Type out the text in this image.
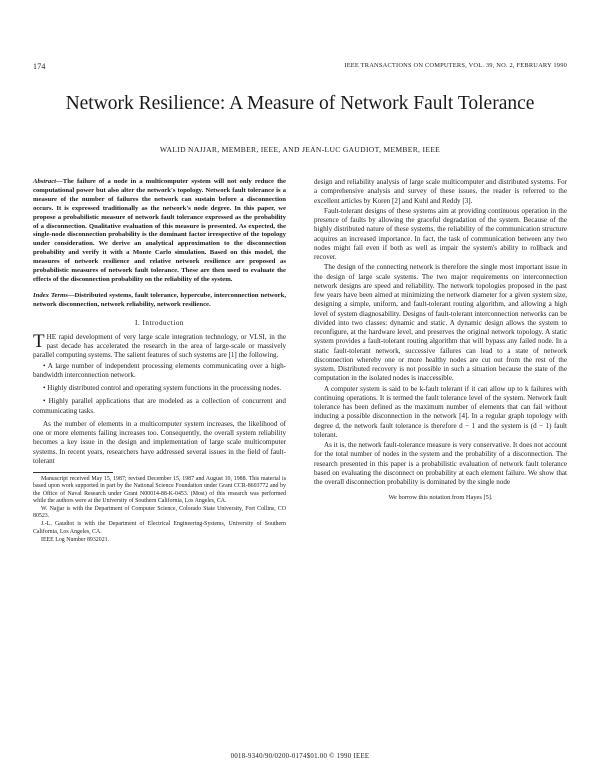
174	IEEE TRANSACTIONS ON COMPUTERS, VOL. 39, NO. 2, FEBRUARY 1990
Network Resilience: A Measure of Network Fault Tolerance
WALID NAJJAR, MEMBER, IEEE, AND JEAN-LUC GAUDIOT, MEMBER, IEEE

Abstract—The failure of a node in a multicomputer system will not only reduce the computational power but also alter the network's topology. Network fault tolerance is a measure of the number of failures the network can sustain before a disconnection occurs. It is expressed traditionally as the network's node degree. In this paper, we propose a probabilistic measure of network fault tolerance expressed as the probability of a disconnection. Qualitative evaluation of this measure is presented. As expected, the single-node disconnection probability is the dominant factor irrespective of the topology under consideration. We derive an analytical approximation to the disconnection probability and verify it with a Monte Carlo simulation. Based on this model, the measures of network resilience and relative network resilience are proposed as probabilistic measures of network fault tolerance. These are then used to evaluate the effects of the disconnection probability on the reliability of the system.

Index Terms—Distributed systems, fault tolerance, hypercube, interconnection network, network disconnection, network reliability, network resilience.

I. Introduction

THE rapid development of very large scale integration technology, or VLSI, in the past decade has accelerated the research in the area of large-scale or massively parallel computing systems. The salient features of such systems are [1] the following.

• A large number of independent processing elements communicating over a high-bandwidth interconnection network.
• Highly distributed control and operating system functions in the processing nodes.
• Highly parallel applications that are modeled as a collection of concurrent and communicating tasks.

As the number of elements in a multicomputer system increases, the likelihood of one or more elements failing increases too. Consequently, the overall system reliability becomes a key issue in the design and implementation of large scale multicomputer systems. In recent years, researchers have addressed several issues in the field of fault-tolerant

Manuscript received May 15, 1987; revised December 15, 1987 and August 10, 1988. This material is based upon work supported in part by the National Science Foundation under Grant CCR-8603772 and by the Office of Naval Research under Grant N00014-88-K-0453. (Most) of this research was performed while the authors were at the University of Southern California, Los Angeles, CA.

W. Najjar is with the Department of Computer Science, Colorado State University, Fort Collins, CO 80523.

J.-L. Gaudiot is with the Department of Electrical Engineering-Systems, University of Southern California, Los Angeles, CA.

IEEE Log Number 8932021.

design and reliability analysis of large scale multicomputer and distributed systems. For a comprehensive analysis and survey of these issues, the reader is referred to the excellent articles by Koren [2] and Kuhl and Reddy [3].

Fault-tolerant designs of these systems aim at providing continuous operation in the presence of faults by allowing the graceful degradation of the system. Because of the highly distributed nature of these systems, the reliability of the communication structure acquires an increased importance. In fact, the task of communication between any two nodes might fail even if both as well as impair the system's ability to rollback and recover.

The design of the connecting network is therefore the single most important issue in the design of large scale systems. The two major requirements on interconnection network designs are speed and reliability. The network topologies proposed in the past few years have been aimed at minimizing the network diameter for a given system size, designing a simple, uniform, and fault-tolerant routing algorithm, and allowing a high level of system diagnosability. Designs of fault-tolerant interconnection networks can be divided into two classes: dynamic and static. A dynamic design allows the system to reconfigure, at the hardware level, and preserves the original network topology. A static system provides a fault-tolerant routing algorithm that will bypass any failed node. In a static fault-tolerant network, successive failures can lead to a state of network disconnection whereby one or more healthy nodes are cut out from the rest of the system. Distributed recovery is not possible in such a situation because the state of the computation in the isolated nodes is inaccessible.

A computer system is said to be k-fault tolerant if it can allow up to k failures with continuing operations. It is termed the fault tolerance level of the system. Network fault tolerance has been defined as the maximum number of elements that can fail without inducing a possible disconnection in the network [4]. In a regular graph topology with degree d, the network fault tolerance is therefore d − 1 and the system is (d − 1) fault tolerant.

As it is, the network fault-tolerance measure is very conservative. It does not account for the total number of nodes in the system and the probability of a disconnection. The research presented in this paper is a probabilistic evaluation of network fault tolerance based on evaluating the disconnect on probability at each element failure. We show that the overall disconnection probability is dominated by the single node

We borrow this notation from Hayes [5].
0018-9340/90/0200-0174$01.00 © 1990 IEEE
